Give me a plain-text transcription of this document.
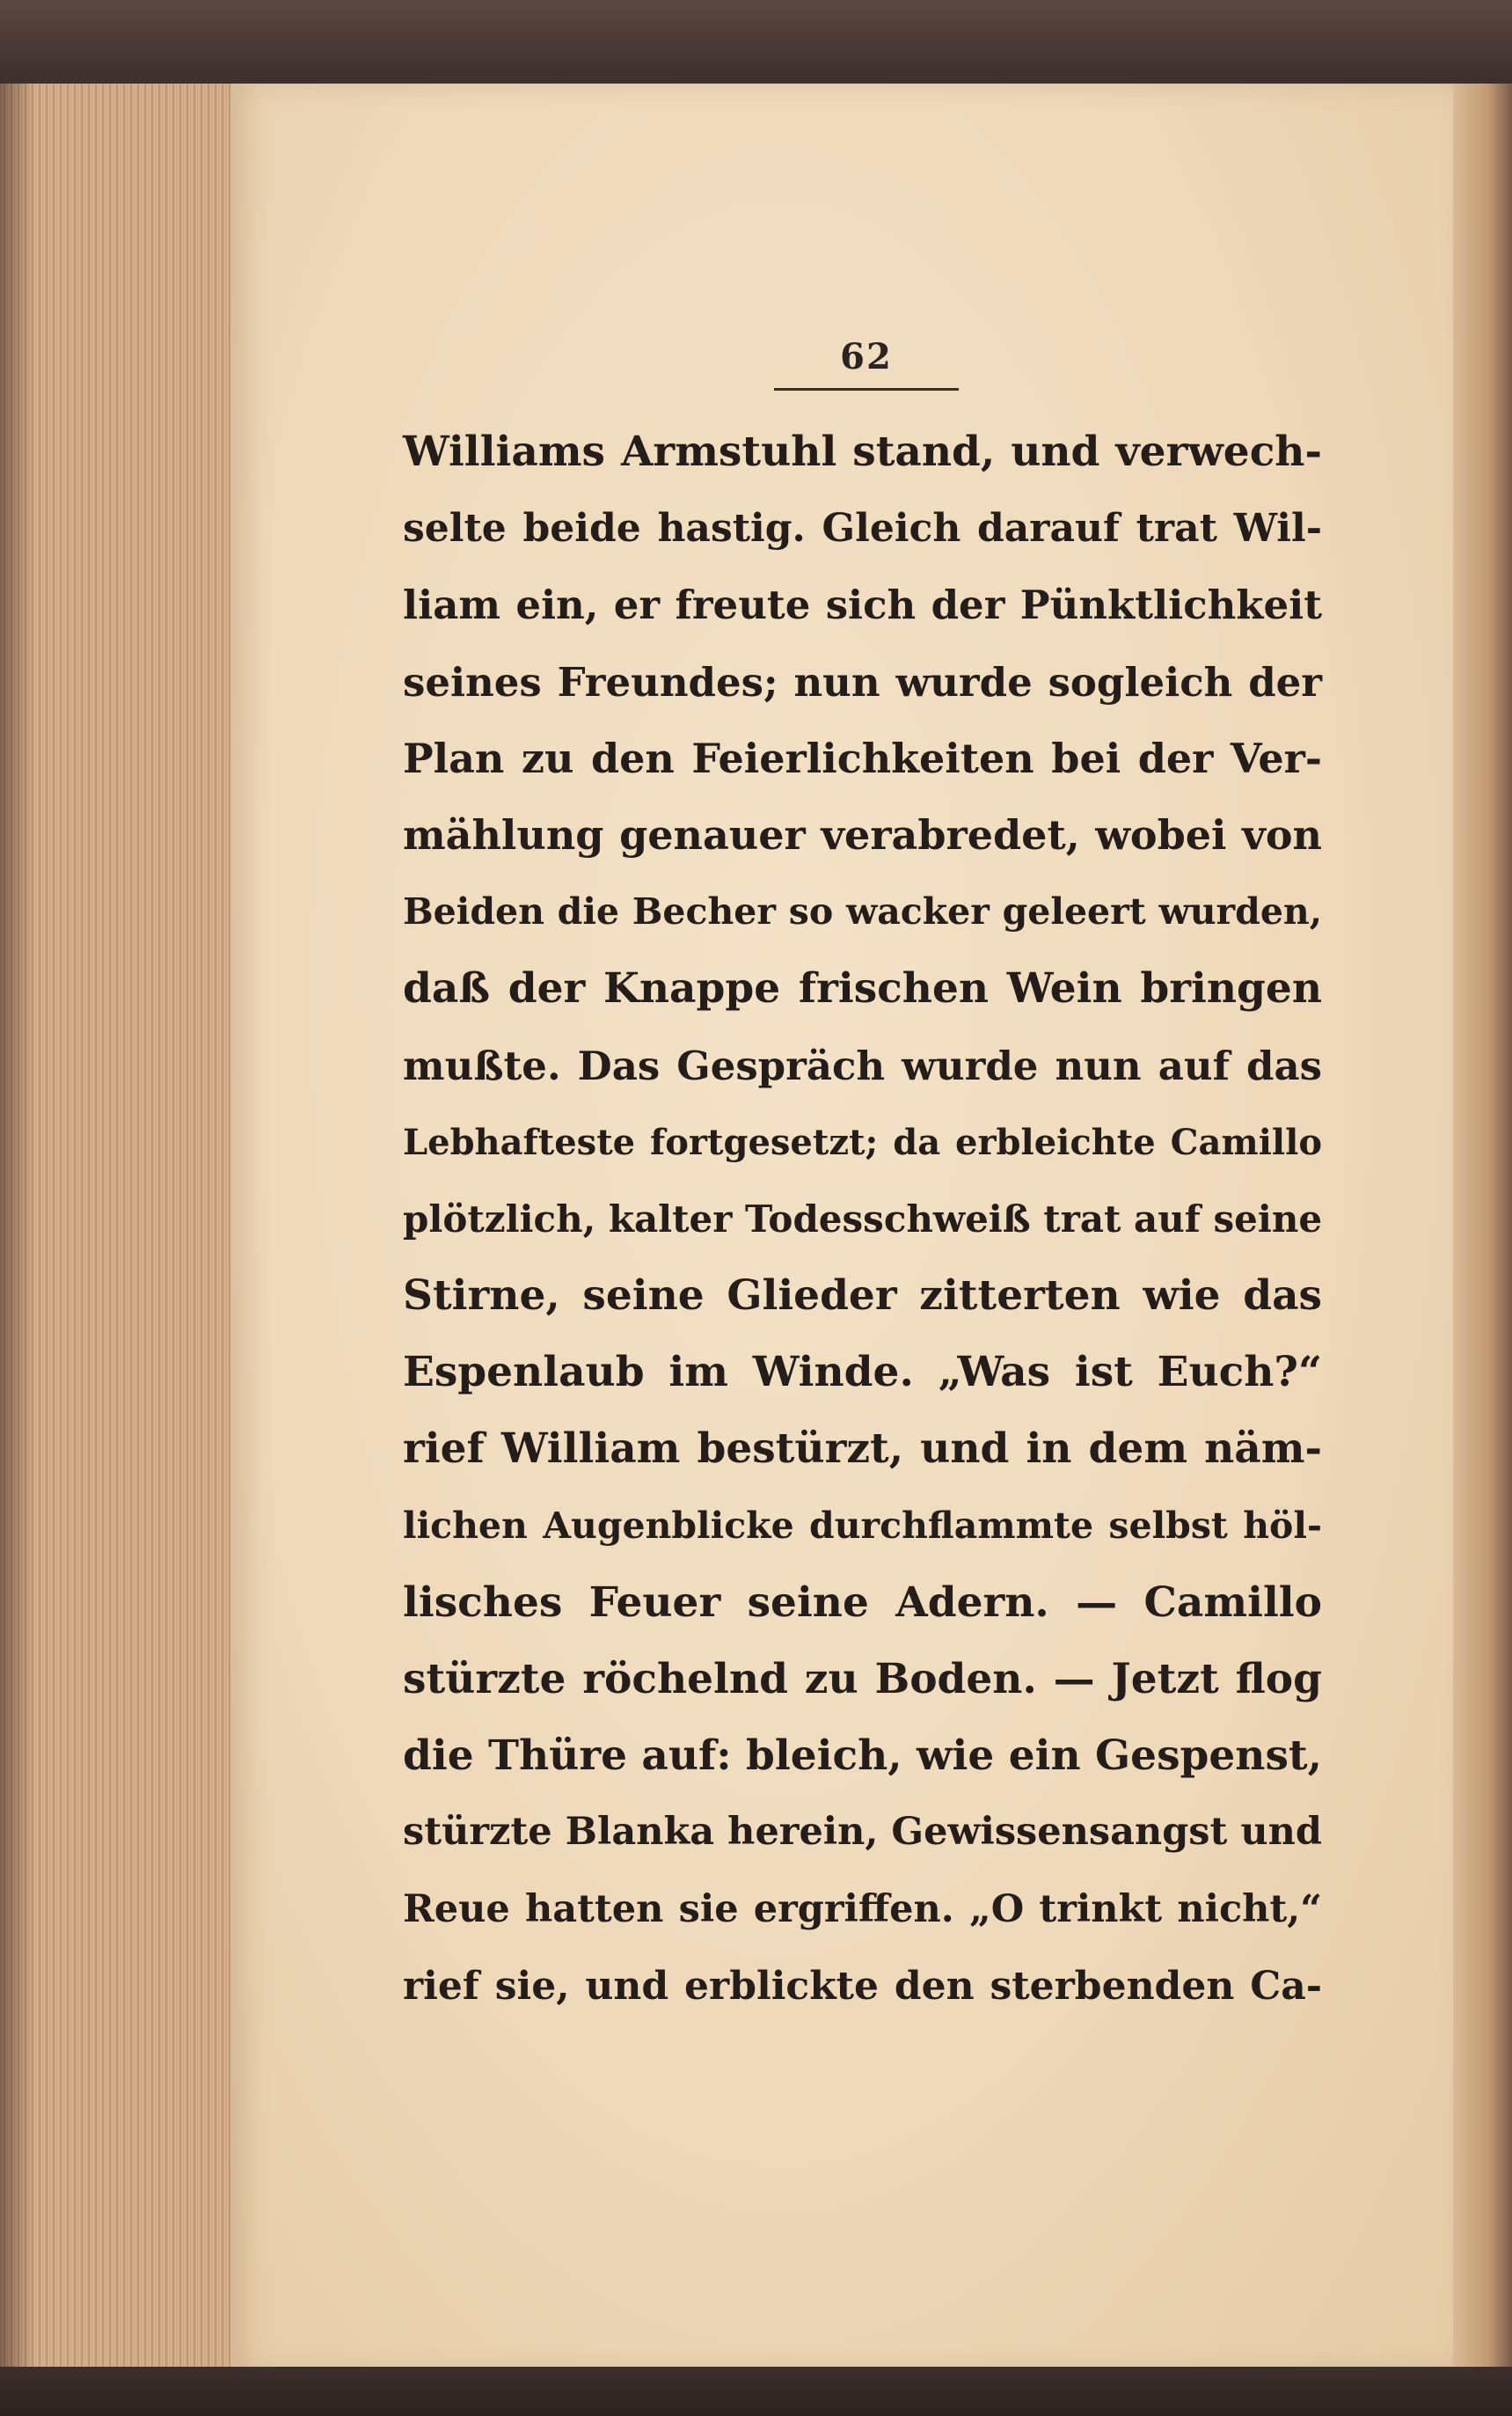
62
Williams Armstuhl stand, und verwech-
selte beide hastig. Gleich darauf trat Wil-
liam ein, er freute sich der Pünktlichkeit
seines Freundes; nun wurde sogleich der
Plan zu den Feierlichkeiten bei der Ver-
mählung genauer verabredet, wobei von
Beiden die Becher so wacker geleert wurden,
daß der Knappe frischen Wein bringen
mußte. Das Gespräch wurde nun auf das
Lebhafteste fortgesetzt; da erbleichte Camillo
plötzlich, kalter Todesschweiß trat auf seine
Stirne, seine Glieder zitterten wie das
Espenlaub im Winde. „Was ist Euch?“
rief William bestürzt, und in dem näm-
lichen Augenblicke durchflammte selbst höl-
lisches Feuer seine Adern. — Camillo
stürzte röchelnd zu Boden. — Jetzt flog
die Thüre auf: bleich, wie ein Gespenst,
stürzte Blanka herein, Gewissensangst und
Reue hatten sie ergriffen. „O trinkt nicht,“
rief sie, und erblickte den sterbenden Ca-
